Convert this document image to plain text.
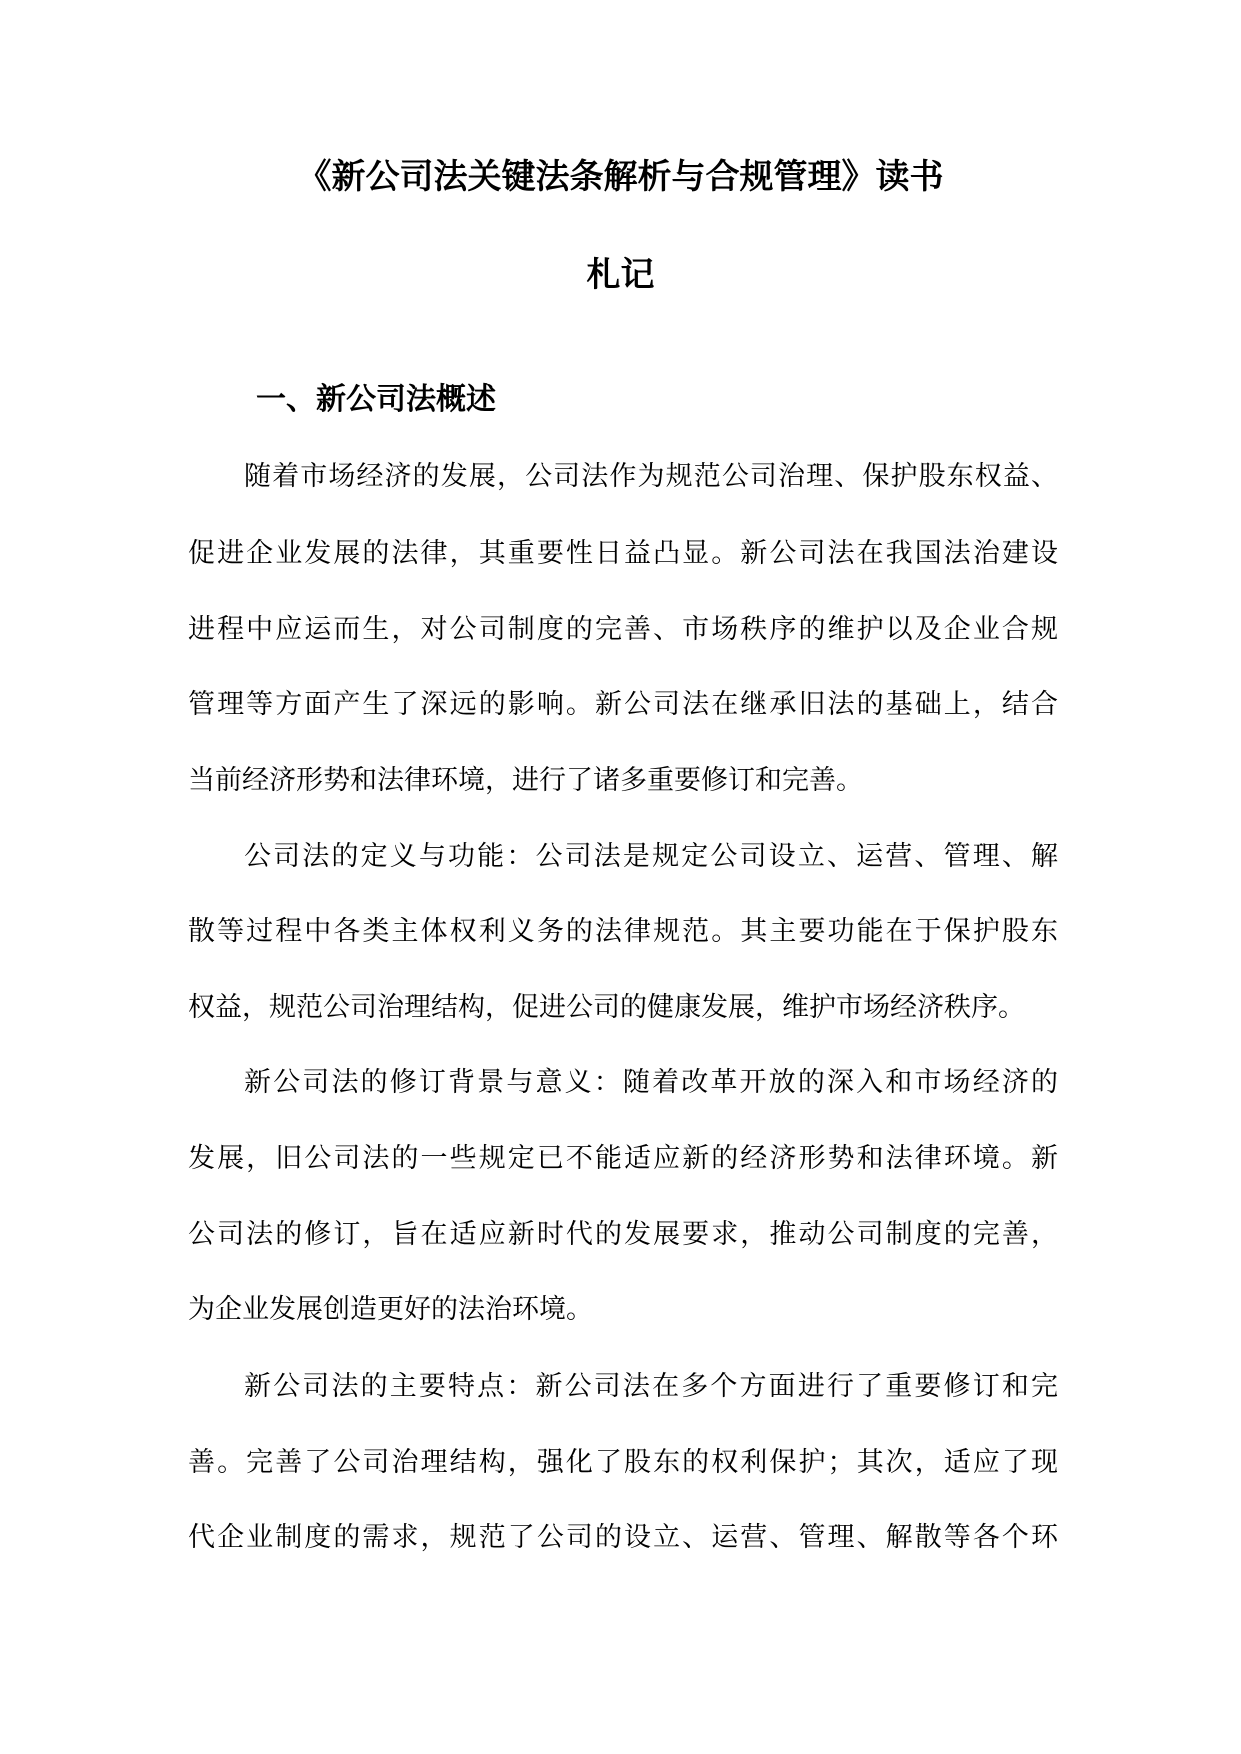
《新公司法关键法条解析与合规管理》读书
札记
一、新公司法概述
随着市场经济的发展，公司法作为规范公司治理、保护股东权益、
促进企业发展的法律，其重要性日益凸显。新公司法在我国法治建设
进程中应运而生，对公司制度的完善、市场秩序的维护以及企业合规
管理等方面产生了深远的影响。新公司法在继承旧法的基础上，结合
当前经济形势和法律环境，进行了诸多重要修订和完善。
公司法的定义与功能：公司法是规定公司设立、运营、管理、解
散等过程中各类主体权利义务的法律规范。其主要功能在于保护股东
权益，规范公司治理结构，促进公司的健康发展，维护市场经济秩序。
新公司法的修订背景与意义：随着改革开放的深入和市场经济的
发展，旧公司法的一些规定已不能适应新的经济形势和法律环境。新
公司法的修订，旨在适应新时代的发展要求，推动公司制度的完善，
为企业发展创造更好的法治环境。
新公司法的主要特点：新公司法在多个方面进行了重要修订和完
善。完善了公司治理结构，强化了股东的权利保护；其次，适应了现
代企业制度的需求，规范了公司的设立、运营、管理、解散等各个环
